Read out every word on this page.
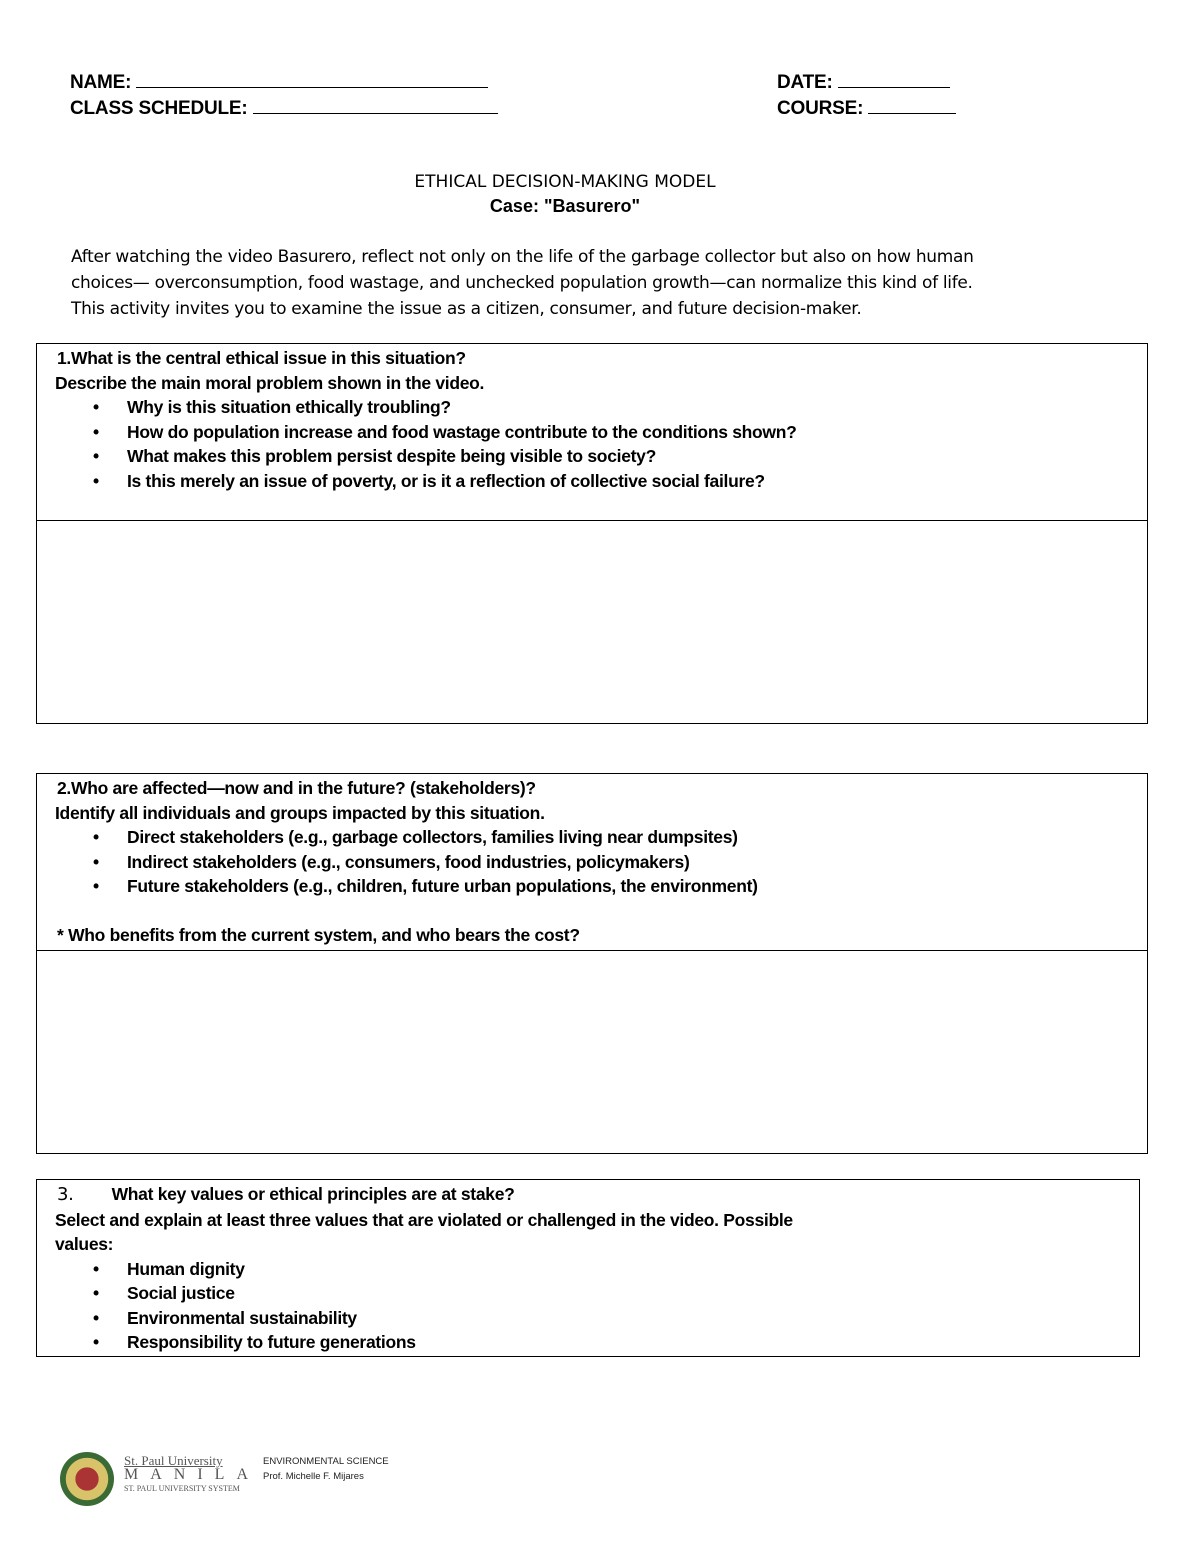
NAME:	DATE:
CLASS SCHEDULE:	COURSE:
ETHICAL DECISION-MAKING MODEL
Case: "Basurero"
After watching the video Basurero, reflect not only on the life of the garbage collector but also on how human
choices— overconsumption, food wastage, and unchecked population growth—can normalize this kind of life.
This activity invites you to examine the issue as a citizen, consumer, and future decision-maker.
1.What is the central ethical issue in this situation?
Describe the main moral problem shown in the video.
• Why is this situation ethically troubling?
• How do population increase and food wastage contribute to the conditions shown?
• What makes this problem persist despite being visible to society?
• Is this merely an issue of poverty, or is it a reflection of collective social failure?
2.Who are affected—now and in the future? (stakeholders)?
Identify all individuals and groups impacted by this situation.
• Direct stakeholders (e.g., garbage collectors, families living near dumpsites)
• Indirect stakeholders (e.g., consumers, food industries, policymakers)
• Future stakeholders (e.g., children, future urban populations, the environment)
* Who benefits from the current system, and who bears the cost?
3. What key values or ethical principles are at stake?
Select and explain at least three values that are violated or challenged in the video. Possible
values:
• Human dignity
• Social justice
• Environmental sustainability
• Responsibility to future generations
St. Paul University
MANILA
ST. PAUL UNIVERSITY SYSTEM
ENVIRONMENTAL SCIENCE
Prof. Michelle F. Mijares
